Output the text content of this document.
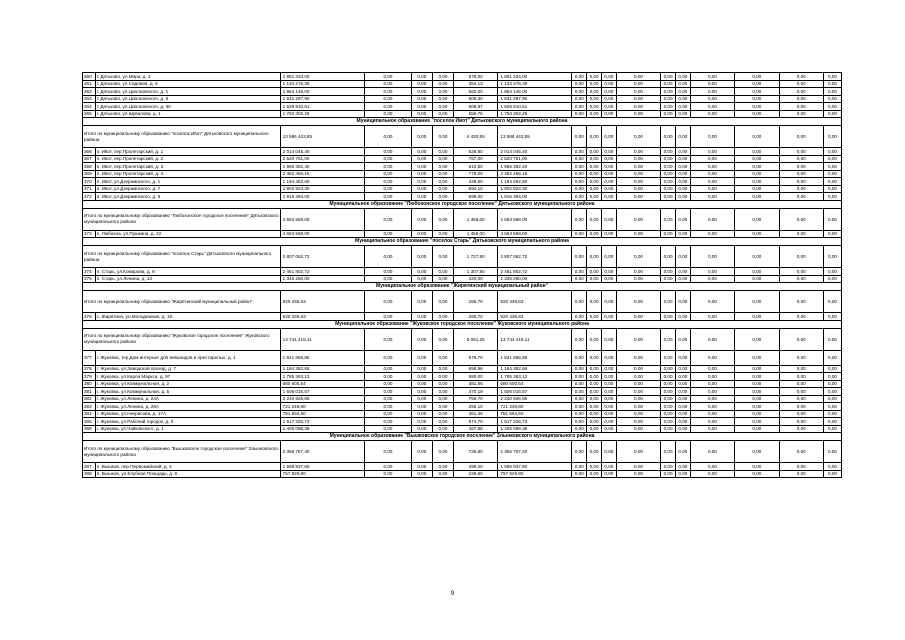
360	г. Дятьково, ул.Мира, д. 2	1 851 334,00	0,00	0,00	0,00	578,00	1 851 334,00	0,00	0,00	0,00	0,00	0,00	0,00	0,00	0,00	0,00	0,00
361	г. Дятьково, ул.Садовая, д. 5	1 134 278,39	0,00	0,00	0,00	354,13	1 134 278,39	0,00	0,00	0,00	0,00	0,00	0,00	0,00	0,00	0,00	0,00
362	г. Дятьково, ул.Циолковского, д. 1	1 864 146,00	0,00	0,00	0,00	582,00	1 864 146,00	0,00	0,00	0,00	0,00	0,00	0,00	0,00	0,00	0,00	0,00
363	г. Дятьково, ул.Циолковского, д. 9	1 631 287,90	0,00	0,00	0,00	509,30	1 631 287,90	0,00	0,00	0,00	0,00	0,00	0,00	0,00	0,00	0,00	0,00
364	г. Дятьково, ул.Циолковского, д. 30	1 629 910,61	0,00	0,00	0,00	508,87	1 629 910,61	0,00	0,00	0,00	0,00	0,00	0,00	0,00	0,00	0,00	0,00
365	г. Дятьково, ул.Шувалова, д. 1	1 783 302,28	0,00	0,00	0,00	556,76	1 783 302,28	0,00	0,00	0,00	0,00	0,00	0,00	0,00	0,00	0,00	0,00
Муниципальное образование "поселок Ивот" Дятьковского муниципального района																	
Итого по муниципальному образованию "поселок Ивот" Дятьковского муниципального района		13 986 443,85	0,00	0,00	0,00	4 430,55	13 986 443,85	0,00	0,00	0,00	0,00	0,00	0,00	0,00	0,00	0,00	0,00
366	п. Ивот, пер.Пролетарский, д. 1	2 014 045,40	0,00	0,00	0,00	628,80	2 014 045,40	0,00	0,00	0,00	0,00	0,00	0,00	0,00	0,00	0,00	0,00
367	п. Ивот, пер.Пролетарский, д. 2	2 520 761,00	0,00	0,00	0,00	787,00	2 520 761,00	0,00	0,00	0,00	0,00	0,00	0,00	0,00	0,00	0,00	0,00
368	п. Ивот, пер.Пролетарский, д. 3	1 956 392,40	0,00	0,00	0,00	610,80	1 956 392,40	0,00	0,00	0,00	0,00	0,00	0,00	0,00	0,00	0,00	0,00
369	п. Ивот, пер.Пролетарский, д. 4	2 482 465,15	0,00	0,00	0,00	775,05	2 482 465,15	0,00	0,00	0,00	0,00	0,00	0,00	0,00	0,00	0,00	0,00
370	п. Ивот, ул.Дзержинского, д. 1	1 194 462,60	0,00	0,00	0,00	436,60	1 194 462,60	0,00	0,00	0,00	0,00	0,00	0,00	0,00	0,00	0,00	0,00
371	п. Ивот, ул.Дзержинского, д. 7	1 902 923,30	0,00	0,00	0,00	594,10	1 902 923,30	0,00	0,00	0,00	0,00	0,00	0,00	0,00	0,00	0,00	0,00
372	п. Ивот, ул.Дзержинского, д. 9	1 915 394,00	0,00	0,00	0,00	598,00	1 915 394,00	0,00	0,00	0,00	0,00	0,00	0,00	0,00	0,00	0,00	0,00
Муниципальное образование "Любохонское городское поселение" Дятьковского муниципального района																	
Итого по муниципальному образованию "Любохонское городское поселение" Дятьковского муниципального района		4 663 568,00	0,00	0,00	0,00	1 456,00	4 663 568,00	0,00	0,00	0,00	0,00	0,00	0,00	0,00	0,00	0,00	0,00
373	п. Любохна, ул.Пушкина, д. 22	4 663 568,00	0,00	0,00	0,00	1 456,00	4 663 568,00	0,00	0,00	0,00	0,00	0,00	0,00	0,00	0,00	0,00	0,00
Муниципальное образование "поселок Старь" Дятьковского муниципального района																	
Итого по муниципальному образованию "поселок Старь" Дятьковского муниципального района		3 807 062,72	0,00	0,00	0,00	1 727,80	3 807 062,72	0,00	0,00	0,00	0,00	0,00	0,00	0,00	0,00	0,00	0,00
374	п. Старь, ул.Комарова, д. 8	2 461 802,72	0,00	0,00	0,00	1 307,80	2 461 802,72	0,00	0,00	0,00	0,00	0,00	0,00	0,00	0,00	0,00	0,00
375	п. Старь, ул.Ленина, д. 13	1 345 260,00	0,00	0,00	0,00	420,00	1 345 260,00	0,00	0,00	0,00	0,00	0,00	0,00	0,00	0,00	0,00	0,00
Муниципальное образование "Жирятинский муниципальный район"																	
Итого по муниципальному образованию "Жирятинский муниципальный район"		920 436,63	0,00	0,00	0,00	265,70	920 436,63	0,00	0,00	0,00	0,00	0,00	0,00	0,00	0,00	0,00	0,00
376	с. Жирятино, ул.Молодежная, д. 19	920 436,63	0,00	0,00	0,00	265,70	920 436,63	0,00	0,00	0,00	0,00	0,00	0,00	0,00	0,00	0,00	0,00
Муниципальное образование "Жуковское городское поселение" Жуковского муниципального района																	
Итого по муниципальному образованию "Жуковское городское поселение" Жуковского муниципального района		13 744 418,11	0,00	0,00	0,00	5 061,25	13 744 418,11	0,00	0,00	0,00	0,00	0,00	0,00	0,00	0,00	0,00	0,00
377	г. Жуковка, тер.Дом интернат для инвалидов и престарелых, д. 1	1 821 856,85	0,00	0,00	0,00	579,70	1 821 856,85	0,00	0,00	0,00	0,00	0,00	0,00	0,00	0,00	0,00	0,00
378	г. Жуковка, ул.Заводской проезд, д. 7	1 184 382,66	0,00	0,00	0,00	658,96	1 184 382,66	0,00	0,00	0,00	0,00	0,00	0,00	0,00	0,00	0,00	0,00
379	г. Жуковка, ул.Карла Маркса, д. 97	1 785 363,13	0,00	0,00	0,00	690,00	1 785 363,13	0,00	0,00	0,00	0,00	0,00	0,00	0,00	0,00	0,00	0,00
380	г. Жуковка, ул.Коммунальная, д. 2	680 600,54	0,00	0,00	0,00	381,56	680 600,54	0,00	0,00	0,00	0,00	0,00	0,00	0,00	0,00	0,00	0,00
381	г. Жуковка, ул.Коммунальная, д. 5	1 506 016,57	0,00	0,00	0,00	470,19	1 506 016,57	0,00	0,00	0,00	0,00	0,00	0,00	0,00	0,00	0,00	0,00
382	г. Жуковка, ул.Ленина, д. 24А	2 240 926,85	0,00	0,00	0,00	759,70	2 240 926,85	0,00	0,00	0,00	0,00	0,00	0,00	0,00	0,00	0,00	0,00
383	г. Жуковка, ул.Ленина, д. 26А	721 249,80	0,00	0,00	0,00	256,10	721 249,80	0,00	0,00	0,00	0,00	0,00	0,00	0,00	0,00	0,00	0,00
384	г. Жуковка, ул.Некрасова, д. 17А	781 594,50	0,00	0,00	0,00	361,46	781 594,50	0,00	0,00	0,00	0,00	0,00	0,00	0,00	0,00	0,00	0,00
385	г. Жуковка, ул.Рабочий городок, д. 3	1 617 326,73	0,00	0,00	0,00	574,70	1 617 326,73	0,00	0,00	0,00	0,00	0,00	0,00	0,00	0,00	0,00	0,00
386	г. Жуковка, ул.Чайковского, д. 1	1 405 098,38	0,00	0,00	0,00	467,88	1 405 098,38	0,00	0,00	0,00	0,00	0,00	0,00	0,00	0,00	0,00	0,00
Муниципальное образование "Вышковское городское поселение" Злынковского муниципального района																	
Итого по муниципальному образованию "Вышковское городское поселение" Злынковского муниципального района		2 356 767,40	0,00	0,00	0,00	735,80	2 356 767,40	0,00	0,00	0,00	0,00	0,00	0,00	0,00	0,00	0,00	0,00
387	п. Вышков, пер.Первомайский, д. 4	1 598 937,60	0,00	0,00	0,00	499,20	1 598 937,60	0,00	0,00	0,00	0,00	0,00	0,00	0,00	0,00	0,00	0,00
388	п. Вышков, ул.Клубная Площадь, д. 8	757 829,80	0,00	0,00	0,00	236,60	757 829,80	0,00	0,00	0,00	0,00	0,00	0,00	0,00	0,00	0,00	0,00
9
